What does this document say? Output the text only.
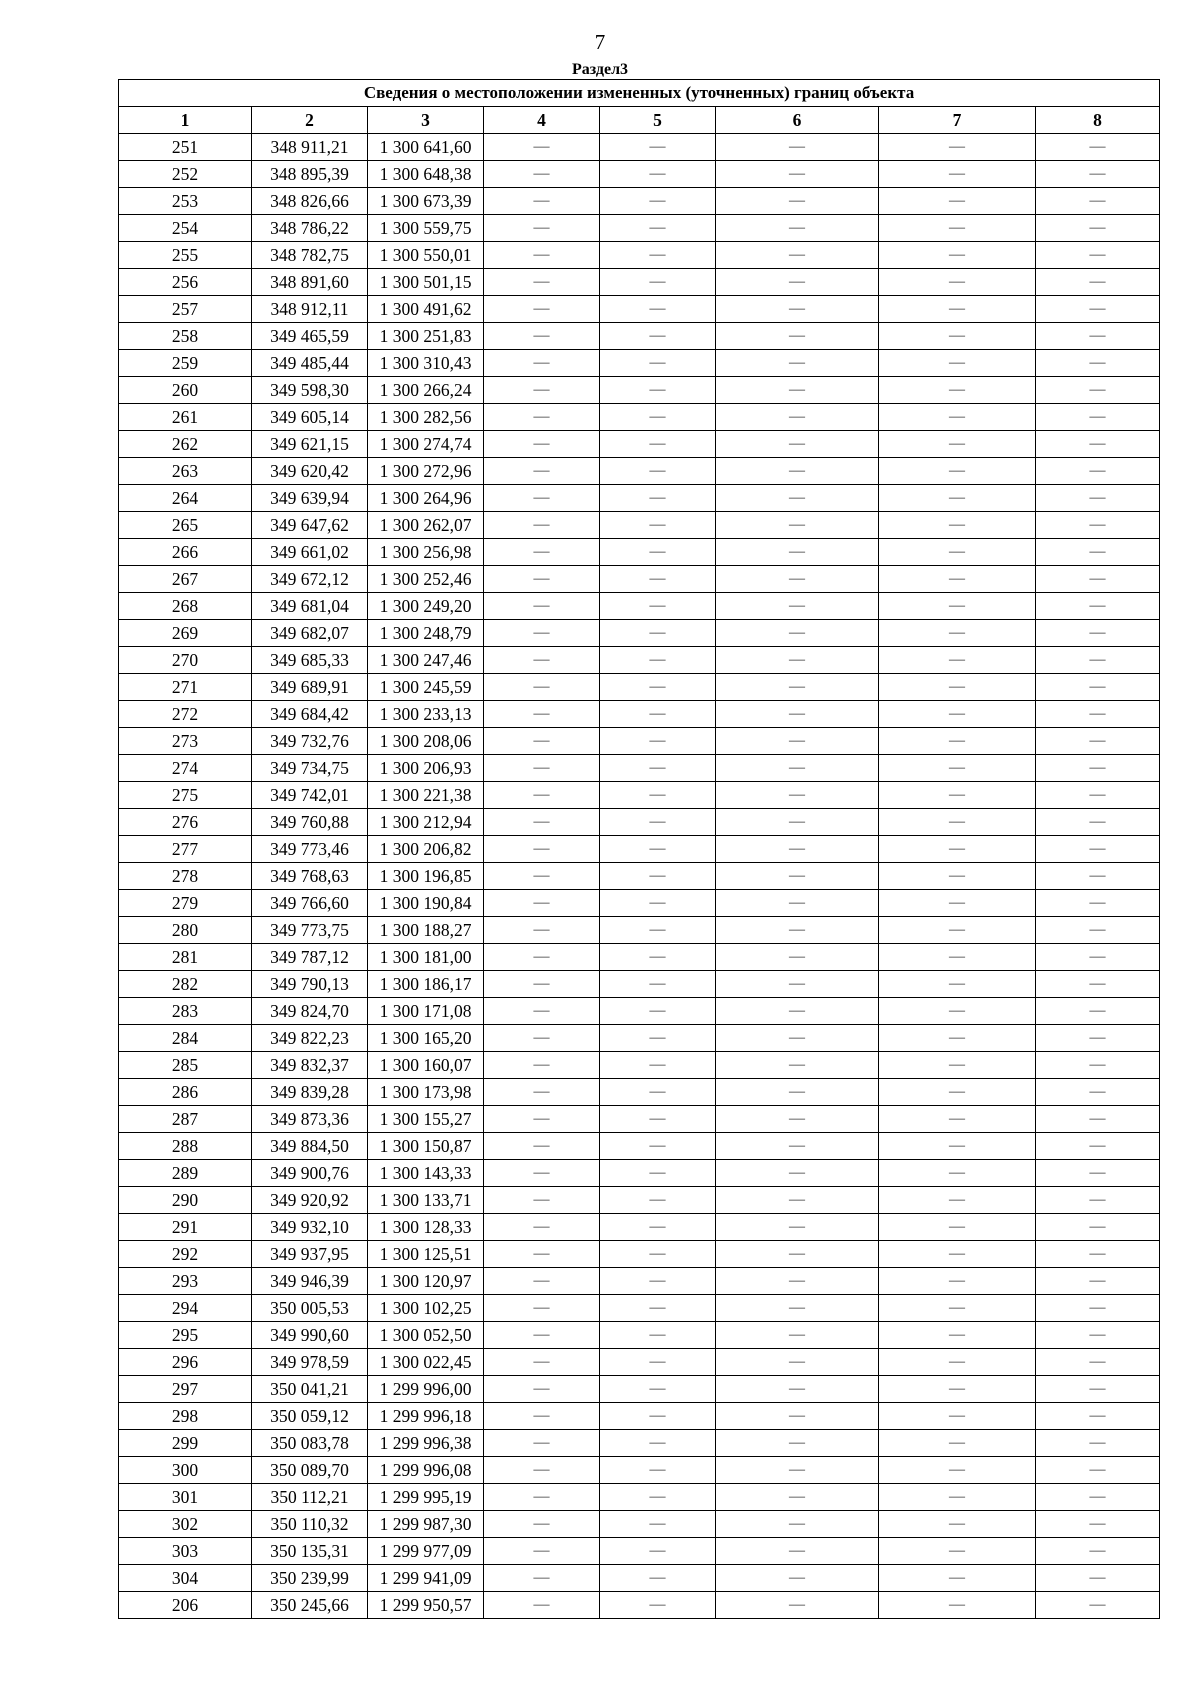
7
Раздел3
Сведения о местоположении измененных (уточненных) границ объекта							
1	2	3	4	5	6	7	8
251	348 911,21	1 300 641,60	—	—	—	—	—
252	348 895,39	1 300 648,38	—	—	—	—	—
253	348 826,66	1 300 673,39	—	—	—	—	—
254	348 786,22	1 300 559,75	—	—	—	—	—
255	348 782,75	1 300 550,01	—	—	—	—	—
256	348 891,60	1 300 501,15	—	—	—	—	—
257	348 912,11	1 300 491,62	—	—	—	—	—
258	349 465,59	1 300 251,83	—	—	—	—	—
259	349 485,44	1 300 310,43	—	—	—	—	—
260	349 598,30	1 300 266,24	—	—	—	—	—
261	349 605,14	1 300 282,56	—	—	—	—	—
262	349 621,15	1 300 274,74	—	—	—	—	—
263	349 620,42	1 300 272,96	—	—	—	—	—
264	349 639,94	1 300 264,96	—	—	—	—	—
265	349 647,62	1 300 262,07	—	—	—	—	—
266	349 661,02	1 300 256,98	—	—	—	—	—
267	349 672,12	1 300 252,46	—	—	—	—	—
268	349 681,04	1 300 249,20	—	—	—	—	—
269	349 682,07	1 300 248,79	—	—	—	—	—
270	349 685,33	1 300 247,46	—	—	—	—	—
271	349 689,91	1 300 245,59	—	—	—	—	—
272	349 684,42	1 300 233,13	—	—	—	—	—
273	349 732,76	1 300 208,06	—	—	—	—	—
274	349 734,75	1 300 206,93	—	—	—	—	—
275	349 742,01	1 300 221,38	—	—	—	—	—
276	349 760,88	1 300 212,94	—	—	—	—	—
277	349 773,46	1 300 206,82	—	—	—	—	—
278	349 768,63	1 300 196,85	—	—	—	—	—
279	349 766,60	1 300 190,84	—	—	—	—	—
280	349 773,75	1 300 188,27	—	—	—	—	—
281	349 787,12	1 300 181,00	—	—	—	—	—
282	349 790,13	1 300 186,17	—	—	—	—	—
283	349 824,70	1 300 171,08	—	—	—	—	—
284	349 822,23	1 300 165,20	—	—	—	—	—
285	349 832,37	1 300 160,07	—	—	—	—	—
286	349 839,28	1 300 173,98	—	—	—	—	—
287	349 873,36	1 300 155,27	—	—	—	—	—
288	349 884,50	1 300 150,87	—	—	—	—	—
289	349 900,76	1 300 143,33	—	—	—	—	—
290	349 920,92	1 300 133,71	—	—	—	—	—
291	349 932,10	1 300 128,33	—	—	—	—	—
292	349 937,95	1 300 125,51	—	—	—	—	—
293	349 946,39	1 300 120,97	—	—	—	—	—
294	350 005,53	1 300 102,25	—	—	—	—	—
295	349 990,60	1 300 052,50	—	—	—	—	—
296	349 978,59	1 300 022,45	—	—	—	—	—
297	350 041,21	1 299 996,00	—	—	—	—	—
298	350 059,12	1 299 996,18	—	—	—	—	—
299	350 083,78	1 299 996,38	—	—	—	—	—
300	350 089,70	1 299 996,08	—	—	—	—	—
301	350 112,21	1 299 995,19	—	—	—	—	—
302	350 110,32	1 299 987,30	—	—	—	—	—
303	350 135,31	1 299 977,09	—	—	—	—	—
304	350 239,99	1 299 941,09	—	—	—	—	—
206	350 245,66	1 299 950,57	—	—	—	—	—
